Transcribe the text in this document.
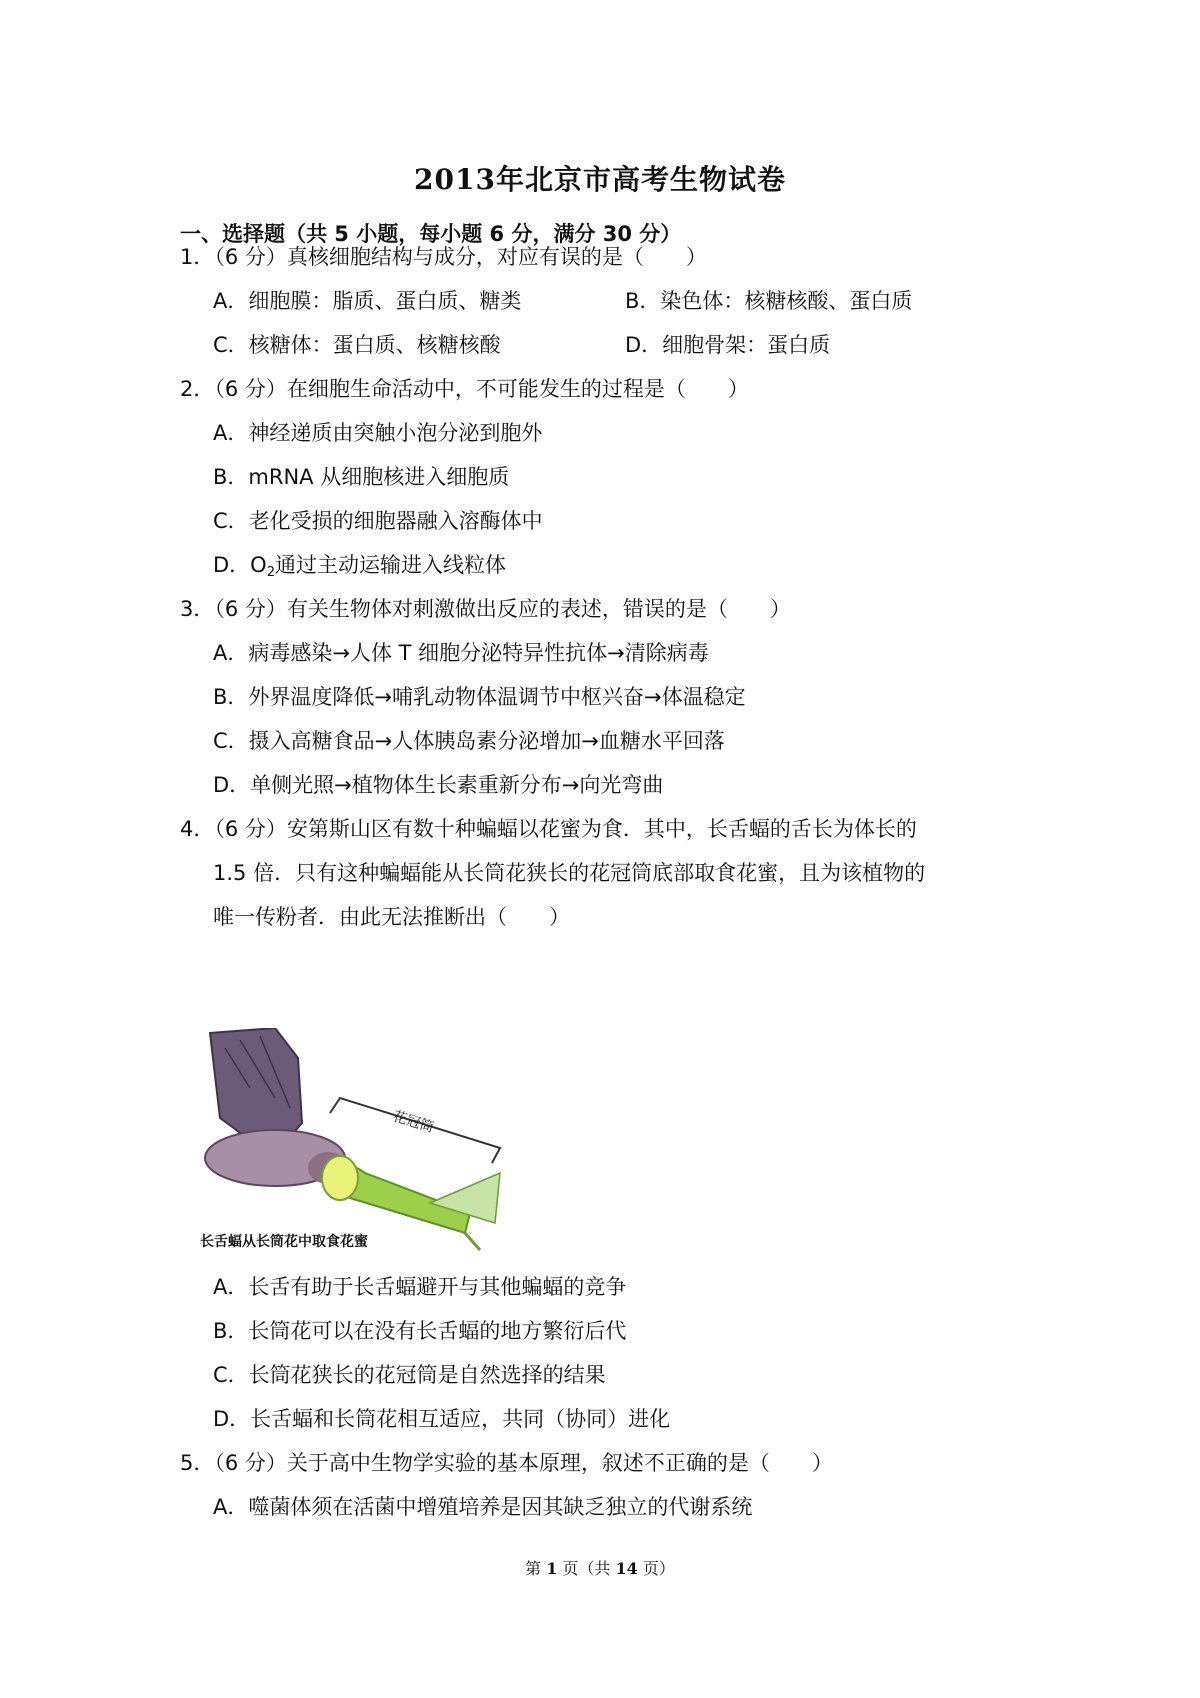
2013年北京市高考生物试卷
一、选择题（共 5 小题，每小题 6 分，满分 30 分）
1．（6 分）真核细胞结构与成分，对应有误的是（　　）
A．细胞膜：脂质、蛋白质、糖类	B．染色体：核糖核酸、蛋白质
C．核糖体：蛋白质、核糖核酸	D．细胞骨架：蛋白质
2．（6 分）在细胞生命活动中，不可能发生的过程是（　　）
A．神经递质由突触小泡分泌到胞外
B．mRNA 从细胞核进入细胞质
C．老化受损的细胞器融入溶酶体中
D．$O_2$通过主动运输进入线粒体
3．（6 分）有关生物体对刺激做出反应的表述，错误的是（　　）
A．病毒感染→人体 T 细胞分泌特异性抗体→清除病毒
B．外界温度降低→哺乳动物体温调节中枢兴奋→体温稳定
C．摄入高糖食品→人体胰岛素分泌增加→血糖水平回落
D．单侧光照→植物体生长素重新分布→向光弯曲
4．（6 分）安第斯山区有数十种蝙蝠以花蜜为食．其中，长舌蝠的舌长为体长的
1.5 倍．只有这种蝙蝠能从长筒花狭长的花冠筒底部取食花蜜，且为该植物的
唯一传粉者．由此无法推断出（　　）
花冠筒
长舌蝠从长筒花中取食花蜜
A．长舌有助于长舌蝠避开与其他蝙蝠的竞争
B．长筒花可以在没有长舌蝠的地方繁衍后代
C．长筒花狭长的花冠筒是自然选择的结果
D．长舌蝠和长筒花相互适应，共同（协同）进化
5．（6 分）关于高中生物学实验的基本原理，叙述不正确的是（　　）
A．噬菌体须在活菌中增殖培养是因其缺乏独立的代谢系统
第 1 页（共 14 页）
